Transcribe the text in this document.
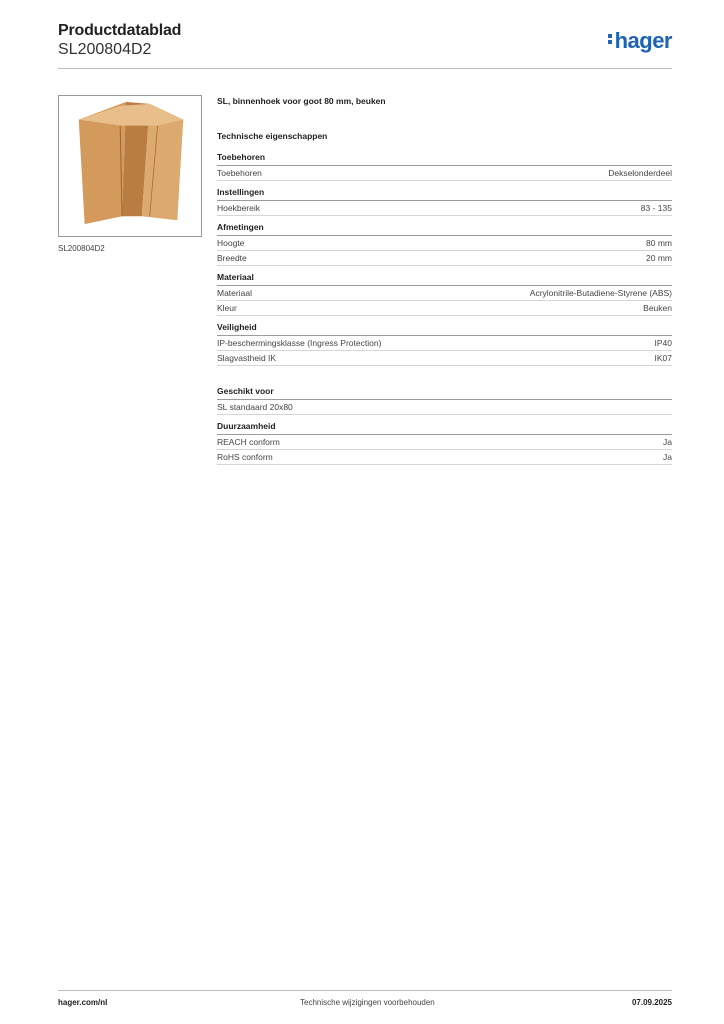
Productdatablad
SL200804D2	hager
SL200804D2
SL, binnenhoek voor goot 80 mm, beuken
Technische eigenschappen
Toebehoren
Toebehoren	Dekselonderdeel
Instellingen
Hoekbereik	83 - 135
Afmetingen
Hoogte	80 mm
Breedte	20 mm
Materiaal
Materiaal	Acrylonitrile-Butadiene-Styrene (ABS)
Kleur	Beuken
Veiligheid
IP-beschermingsklasse (Ingress Protection)	IP40
Slagvastheid IK	IK07
Geschikt voor
SL standaard 20x80
Duurzaamheid
REACH conform	Ja
RoHS conform	Ja
hager.com/nl	Technische wijzigingen voorbehouden	07.09.2025
